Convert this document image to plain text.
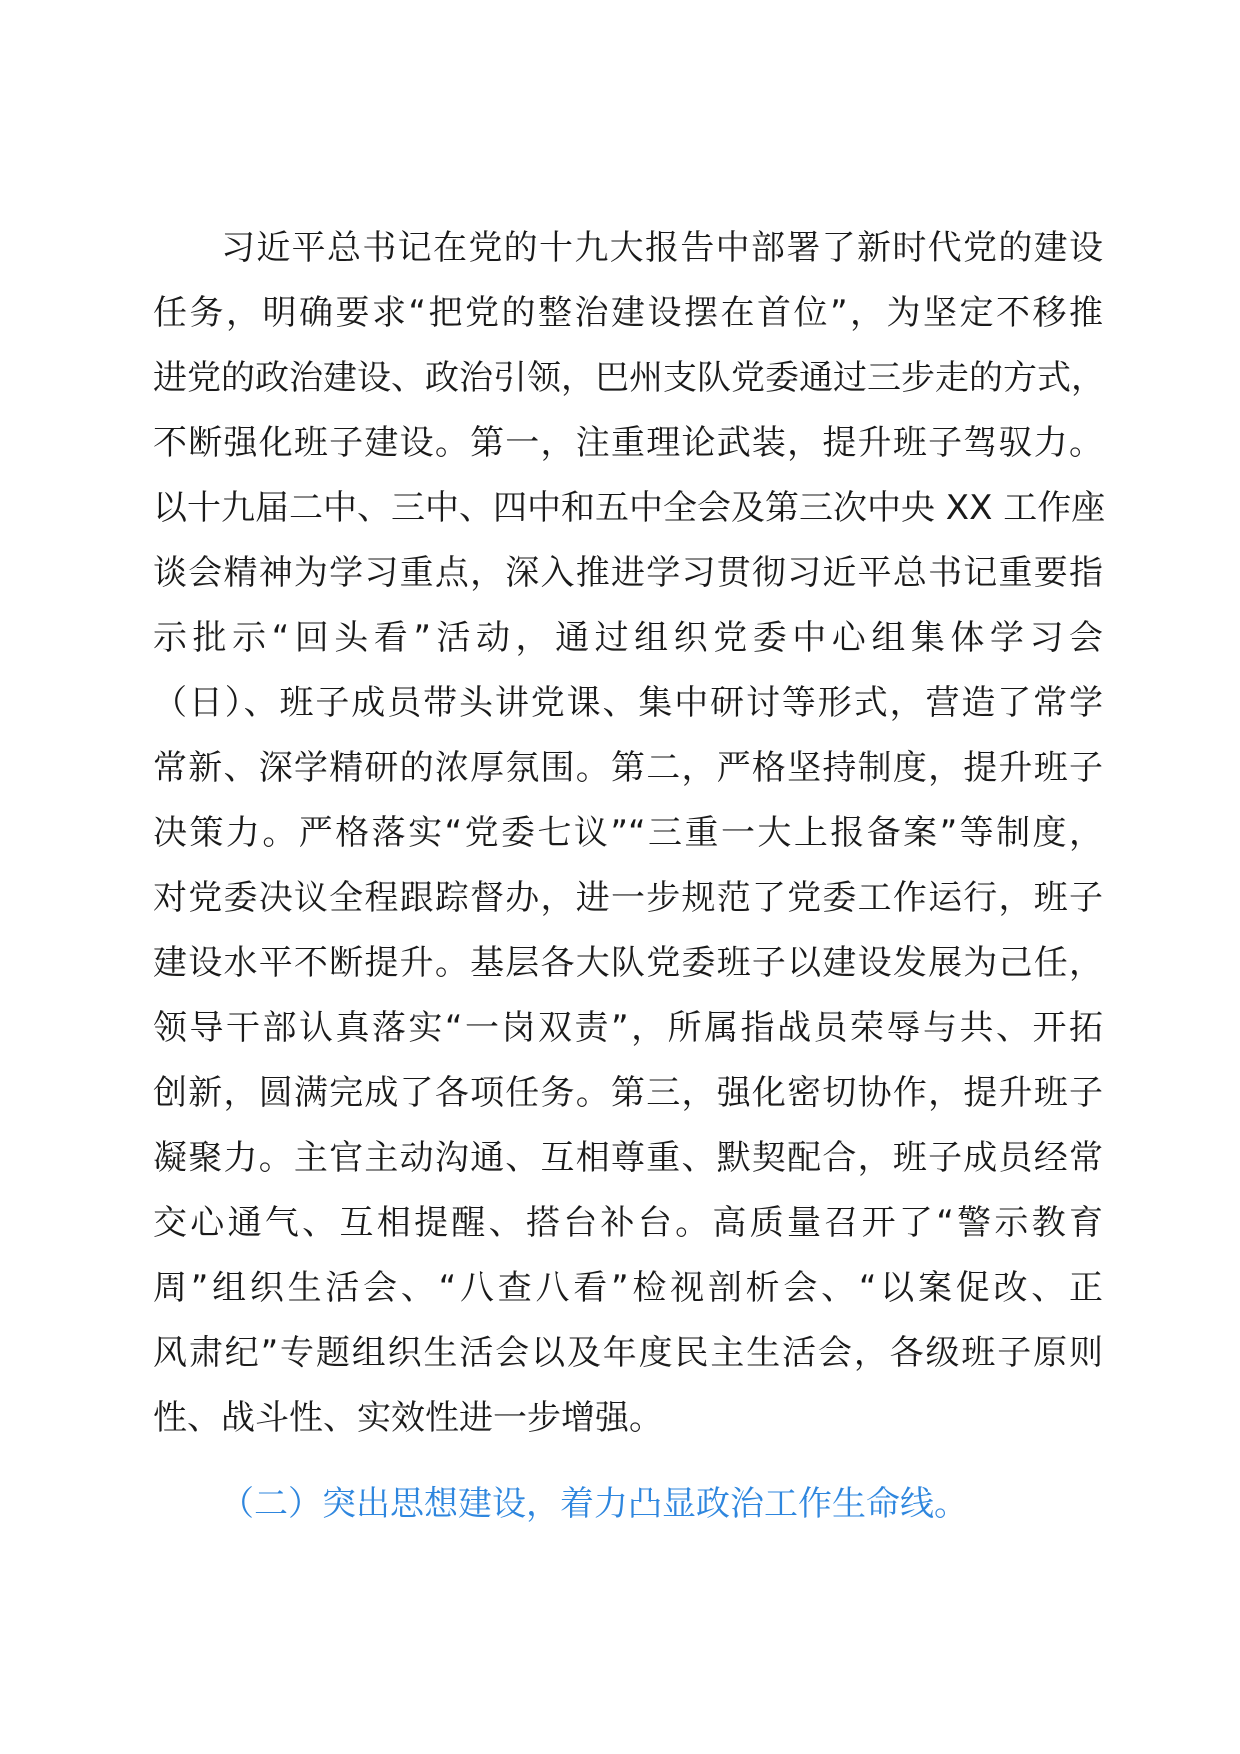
习近平总书记在党的十九大报告中部署了新时代党的建设
任务，明确要求“把党的整治建设摆在首位”，为坚定不移推
进党的政治建设、政治引领，巴州支队党委通过三步走的方式，
不断强化班子建设。第一，注重理论武装，提升班子驾驭力。
以十九届二中、三中、四中和五中全会及第三次中央 XX 工作座
谈会精神为学习重点，深入推进学习贯彻习近平总书记重要指
示批示“回头看”活动，通过组织党委中心组集体学习会
（日）、班子成员带头讲党课、集中研讨等形式，营造了常学
常新、深学精研的浓厚氛围。第二，严格坚持制度，提升班子
决策力。严格落实“党委七议”“三重一大上报备案”等制度，
对党委决议全程跟踪督办，进一步规范了党委工作运行，班子
建设水平不断提升。基层各大队党委班子以建设发展为己任，
领导干部认真落实“一岗双责”，所属指战员荣辱与共、开拓
创新，圆满完成了各项任务。第三，强化密切协作，提升班子
凝聚力。主官主动沟通、互相尊重、默契配合，班子成员经常
交心通气、互相提醒、搭台补台。高质量召开了“警示教育
周”组织生活会、“八查八看”检视剖析会、“以案促改、正
风肃纪”专题组织生活会以及年度民主生活会，各级班子原则
性、战斗性、实效性进一步增强。
（二）突出思想建设，着力凸显政治工作生命线。
